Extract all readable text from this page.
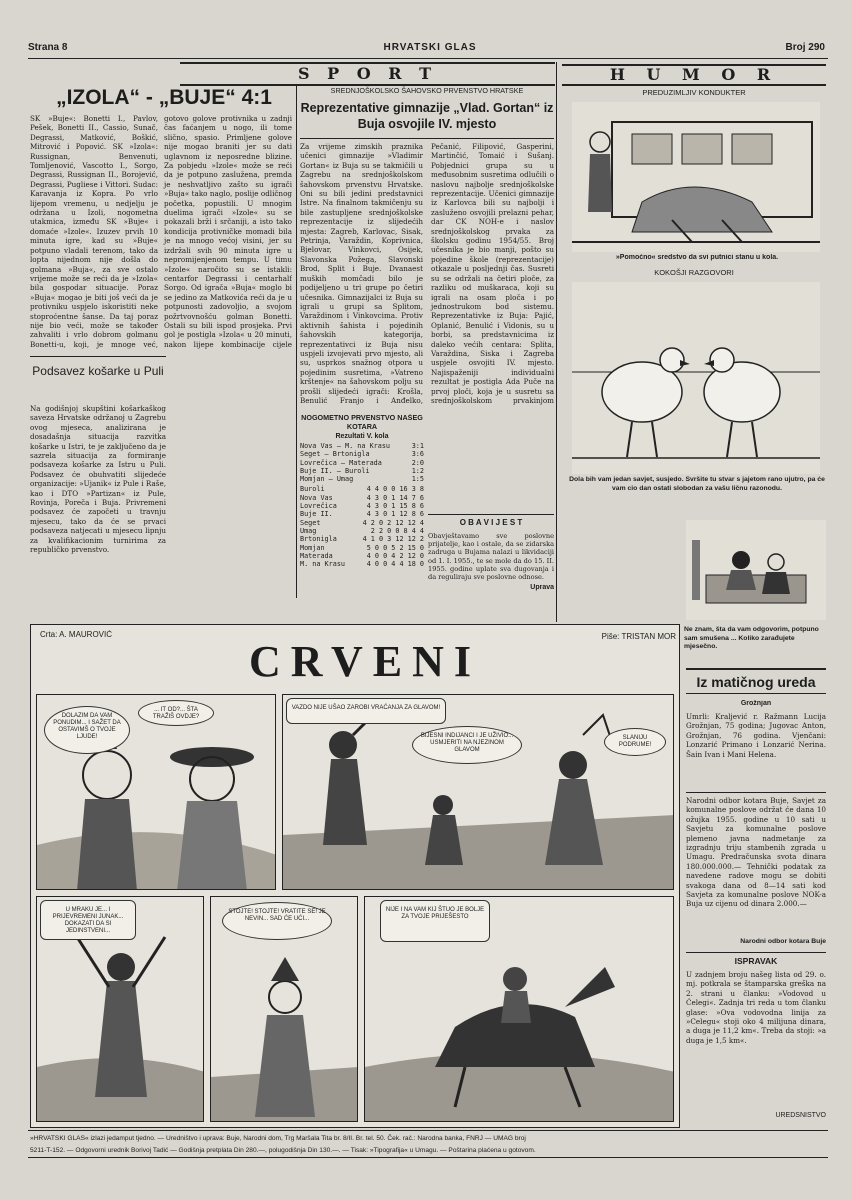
Strana 8	HRVATSKI GLAS	Broj 290
S P O R T
„IZOLA“ - „BUJE“ 4:1
SK »Buje«: Bonetti I., Pavlov, Pešek, Bonetti II., Cassio, Sunač, Degrassi, Matković, Boškić, Mitrović i Popović. SK »Izola«: Russignan, Benvenuti, Tomljenović, Vascotto I., Sorgo, Degrassi, Russignan II., Borojević, Degrassi, Pugliese i Vittori. Sudac: Karavanja iz Kopra. Po vrlo lijepom vremenu, u nedjelju je održana u Izoli, nogometna utakmica, između SK »Buje« i domaće »Izole«. Izuzev prvih 10 minuta igre, kad su »Buje« potpuno vladali terenom, tako da lopta nijednom nije došla do golmana »Buja«, za sve ostalo vrijeme može se reći da je »Izola« bila gospodar situacije. Poraz »Buja« mogao je biti još veći da je protivniku uspjelo iskoristiti neke stoproćentne šanse. Da taj poraz nije bio veći, može se također zahvaliti i vrlo dobrom golmanu Bonetti-u, koji, je mnoge već, gotovo golove protivnika u zadnji čas faćanjem u nogo, ili tome slično, spasio. Primljene golove nije mogao braniti jer su dati uglavnom iz neposredne blizine. Za pobjedu »Izole« može se reći da je potpuno zaslužena, premda je neshvatljivo zašto su igrači »Buja« tako naglo, poslije odličnog početka, popustili. U mnogim duelima igrači »Izole« su se pokazali brži i srčaniji, a isto tako kondicija protivničke momadi bila je na mnogo većoj visini, jer su izdržali svih 90 minuta igre u nepromijenjenom tempu. U timu »Izole« naročito su se istakli: centarfor Degrassi i centarhalf Sorgo. Od igrača »Buja« moglo bi se jedino za Matkovića reći da je u potpunosti zadovoljio, a svojom požrtvovnošću golman Bonetti. Ostali su bili ispod prosjeka. Prvi gol je postigla »Izola« u 20 minuti, nakon lijepe kombinacije cijele
Podsavez košarke u Puli
Na godišnjoj skupštini košarkaškog saveza Hrvatske održanoj u Zagrebu ovog mjeseca, analizirana je dosadašnja situacija razvitka košarke u Istri, te je zaključeno da je sazrela situacija za formiranje podsaveza košarke za Istru u Puli. Podsavez će obuhvatiti slijedeće organizacije: »Ujanik« iz Pule i Raše, kao i DTO »Partizan« iz Pule, Rovinja, Poreča i Buja. Privremeni podsavez će započeti u travnju mjesecu, tako da će se prvaci podsaveza natjecati u mjesecu lipnju za kvalifikacionim turnirima za republičko prvenstvo.
SREDNJOŠKOLSKO ŠAHOVSKO PRVENSTVO HRATSKE
Reprezentative gimnazije „Vlad. Gortan“ iz Buja osvojile IV. mjesto
Za vrijeme zimskih praznika učenici gimnazije »Vladimir Gortan« iz Buja su se takmičili u Zagrebu na srednjoškolskom šahovskom prvenstvu Hrvatske. Oni su bili jedini predstavnici Istre. Na finalnom takmičenju su bile zastupljene srednjoškolske reprezentacije iz slijedećih mjesta: Zagreb, Karlovac, Sisak, Petrinja, Varaždin, Koprivnica, Bjelovar, Vinkovci, Osijek, Slavonska Požega, Slavonski Brod, Split i Buje. Dvanaest muških momčadi bilo je podijeljeno u tri grupe po četiri učesnika. Gimnazijalci iz Buja su igrali u grupi sa Splitom, Varaždinom i Vinkovcima. Protiv aktivnih šahista i pojedinih šahovskih kategorija, reprezentativci iz Buja nisu uspjeli izvojevati prvo mjesto, ali su, usprkos snažnog otpora u pojedinim susretima, »Vatreno krštenje« na šahovskom polju su prošli slijedeći igrači: Krošla, Benulić Franjo i Anđelko, Pečanić, Filipović, Gasperini, Martinčić, Tomaić i Sušanj. Pobjednici grupa su u međusobnim susretima odlučili o naslovu najbolje srednjoškolske reprezentacije. Učenici gimnazije iz Karlovca bili su najbolji i zasluženo osvojili prelazni pehar, dar CK NOH-e i naslov srednjoškolskog prvaka za školsku godinu 1954/55. Broj učesnika je bio manji, pošto su pojedine škole (reprezentacije) otkazale u posljednji čas. Susreti su se održali na četiri ploče, za razliku od muškaraca, koji su igrali na osam ploča i po jednostrukom bod sistemu. Reprezentativke iz Buja: Pajić, Oplanić, Benulić i Vidonis, su u borbi, sa predstavnicima iz daleko većih centara: Splita, Varaždina, Siska i Zagreba uspjele osvojiti IV. mjesto. Najispaženiji individualni rezultat je postigla Ada Puče na prvoj ploči, koja je u susretu sa srednjoškolskom prvakinjom
NOGOMETNO PRVENSTVO NAŠEG KOTARA
Rezultati V. kola
Nova Vas — M. na Krasu	3:1
Seget — Brtonigla	3:6
Lovrečica — Materada	2:0
Buje II. — Buroli	1:2
Momjan — Umag	1:5
Buroli	4 4 0 0 16 3 8
Nova Vas	4 3 0 1 14 7 6
Lovrečica	4 3 0 1 15 8 6
Buje II.	4 3 0 1 12 8 6
Seget	4 2 0 2 12 12 4
Umag	2 2 0 0 8 4 4
Brtonigla	4 1 0 3 12 12 2
Momjan	5 0 0 5 2 15 0
Materada	4 0 0 4 2 12 0
M. na Krasu	4 0 0 4 4 18 0
O B A V I J E S T
Obavještavamo sve poslovne prijatelje, kao i ostale, da se zidarska zadruga u Bujama nalazi u likvidaciji od 1. I. 1955., te se mole da do 15. II. 1955. godine uplate sva dugovanja i da reguliraju sve poslovne odnose.
Uprava
H U M O R
PREDUZIMLJIV KONDUKTER
»Pomoćno« sredstvo da svi putnici stanu u kola.
KOKOŠJI RAZGOVORI
Dola bih vam jedan savjet, susjedo. Svršite tu stvar s jajetom rano ujutro, pa će vam cio dan ostati slobodan za vašu ličnu razonodu.
Ne znam, šta da vam odgovorim, potpuno sam smušena ... Koliko zarađujete mjesečno.
Crta: A. MAUROVIĆ	Piše: TRISTAN MOR
CRVENI
... IT OD?... ŠTA TRAŽIŠ OVDJE?
DOLAZIM DA VAM PONUDIM... I SAŽET DA OSTAVIMŠ O TVOJE LJUDE!
VAZDO NIJE UŠAO ZAROBI VRAĆANJA ZA GLAVOM!
BIJESNI INDIJANCI I JE UŽIVIO... USMJERITI NA NJEZINOM GLAVOM
SLANIJU PODRUME!
U MRAKU JE... I PRIJEVREMENI JUNAK... DOKAZATI DA SI JEDINSTVENI...
STOJTE! STOJTE! VRATITE SE! JE NEVIN... SAD ĆE UĆI...
NIJE I NA VAM KIJ ŠTUO JE BOLJE ZA TVOJE PRIJEŠESTO
Iz matičnog ureda
Grožnjan
Umrli: Kraljević r. Ražmann Lucija Grožnjan, 75 godina; Jugovac Anton, Grožnjan, 76 godina. Vjenčani: Lonzarić Primano i Lonzarić Nerina. Šain Ivan i Mani Helena.
Narodni odbor kotara Buje, Savjet za komunalne poslove održat će dana 10 ožujka 1955. godine u 10 sati u Savjetu za komunalne poslove plemeno javna nadmetanje za izgradnju triju stambenih zgrada u Umagu. Predračunska svota dinara 180.000.000.— Tehnički podatak za navedene radove mogu se dobiti svakoga dana od 8—14 sati kod Savjeta za komunalne poslove NOK-a Buja uz cijenu od dinara 2.000.—
Narodni odbor kotara Buje
ISPRAVAK
U zadnjem broju našeg lista od 29. o. mj. potkrala se štamparska greška na 2. strani u članku: »Vodovod u Ćelegi«. Zadnja tri reda u tom članku glase: »Ova vodovodna linija za »Celegu« stoji oko 4 milijuna dinara, a duga je 11,2 km«. Treba da stoji: »a duga je 1,5 km«.
UREDŠNIŠTVO
»HRVATSKI GLAS« izlazi jedamput tjedno. — Uredništvo i uprava: Buje, Narodni dom, Trg Maršala Tita br. 8/II. Br. tel. 50. Ček. rač.: Narodna banka, FNRJ — UMAG broj
5211-T-152. — Odgovorni urednik Borivoj Tadić — Godišnja pretplata Din 280.—, polugodišnja Din 130.—. — Tisak: »Tipografija« u Umagu. — Poštarina plaćena u gotovom.
